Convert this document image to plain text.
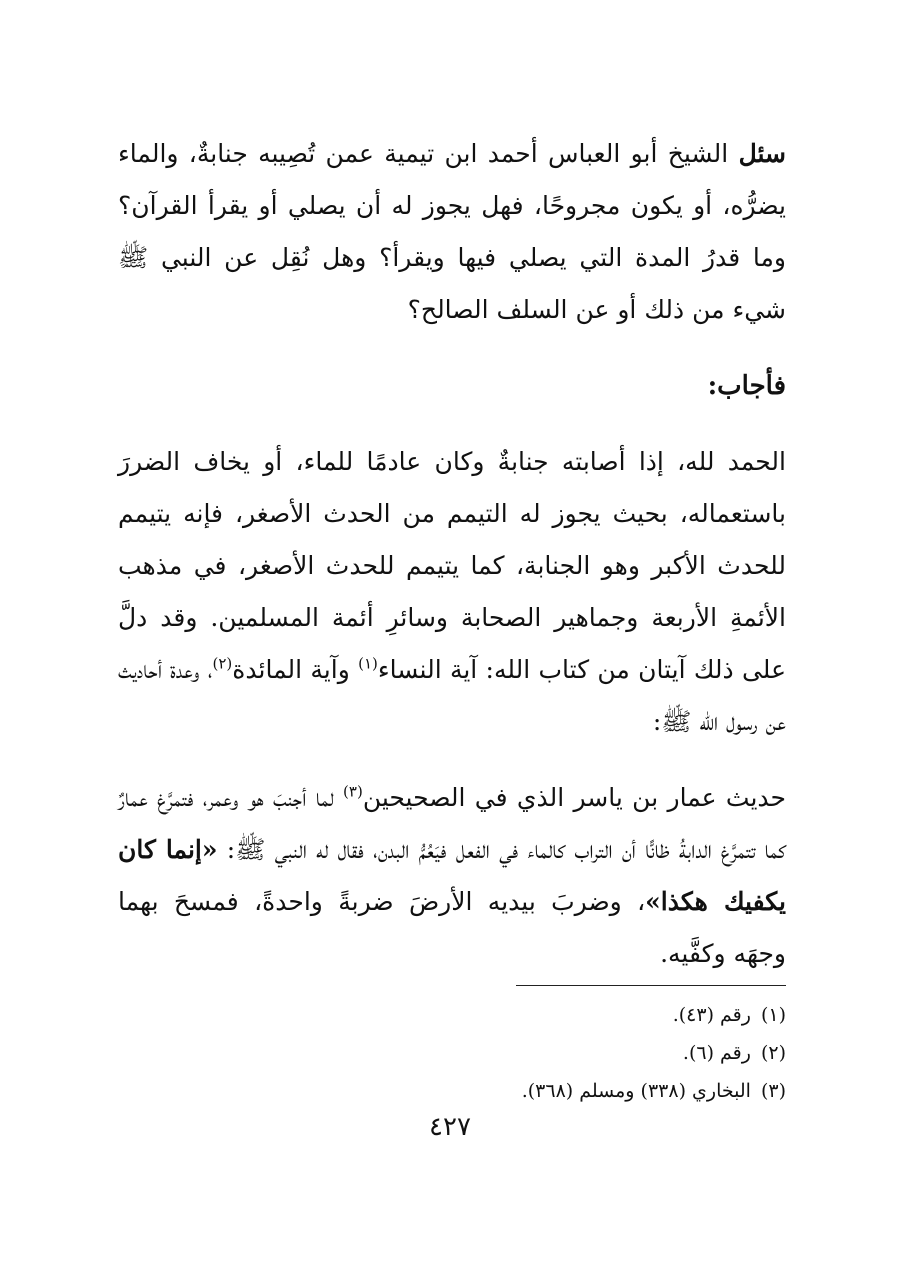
سئل الشيخ أبو العباس أحمد ابن تيمية عمن تُصِيبه جنابةٌ، والماء يضرُّه، أو يكون مجروحًا، فهل يجوز له أن يصلي أو يقرأ القرآن؟ وما قدرُ المدة التي يصلي فيها ويقرأ؟ وهل نُقِل عن النبي ﷺ شيء من ذلك أو عن السلف الصالح؟

فأجاب:

الحمد لله، إذا أصابته جنابةٌ وكان عادمًا للماء، أو يخاف الضررَ باستعماله، بحيث يجوز له التيمم من الحدث الأصغر، فإنه يتيمم للحدث الأكبر وهو الجنابة، كما يتيمم للحدث الأصغر، في مذهب الأئمةِ الأربعة وجماهير الصحابة وسائرِ أئمة المسلمين. وقد دلَّ على ذلك آيتان من كتاب الله: آية النساء$^{(١)}$ وآية المائدة$^{(٢)}$، وعدة أحاديث عن رسول الله ﷺ:

حديث عمار بن ياسر الذي في الصحيحين$^{(٣)}$ لما أجنبَ هو وعمر، فتمرَّغ عمارٌ كما تتمرَّغ الدابةُ ظانًّا أن التراب كالماء في الفعل فيَعُمُّ البدن، فقال له النبي ﷺ: «إنما كان يكفيك هكذا»، وضربَ بيديه الأرضَ ضربةً واحدةً، فمسحَ بهما وجهَه وكفَّيه.

(١)رقم (٤٣).
(٢)رقم (٦).
(٣)البخاري (٣٣٨) ومسلم (٣٦٨).
٤٢٧
